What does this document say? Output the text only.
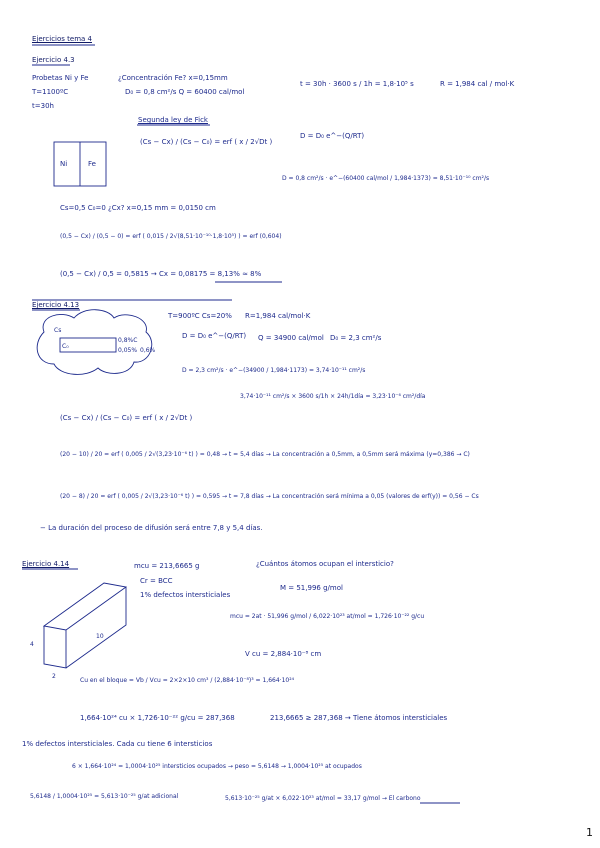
Ejercicios tema 4
Ejercicio 4.3
Probetas Ni y Fe
T=1100ºC
t=30h
¿Concentración Fe? x=0,15mm
D₀ = 0,8 cm²/s Q = 60400 cal/mol
t = 30h · 3600 s / 1h = 1,8·10⁵ s	R = 1,984 cal / mol·K
Segunda ley de Fick
(Cs − Cx) / (Cs − C₀) = erf ( x / 2√Dt )
Ni	Fe
D = D₀ e^−(Q/RT)
D = 0,8 cm²/s · e^−(60400 cal/mol / 1,984·1373) = 8,51·10⁻¹⁰ cm²/s
Cs=0,5 C₀=0 ¿Cx? x=0,15 mm = 0,0150 cm
(0,5 − Cx) / (0,5 − 0) = erf ( 0,015 / 2√(8,51·10⁻¹⁰·1,8·10⁵) ) = erf (0,604)
(0,5 − Cx) / 0,5 = 0,5815 → Cx = 0,08175 = 8,13% ≈ 8%
Ejercicio 4.13
T=900ºC Cs=20% R=1,984 cal/mol·K
Cs
C₀
0,8%C
0,05% 0,6%
D = D₀ e^−(Q/RT) Q = 34900 cal/mol D₀ = 2,3 cm²/s
D = 2,3 cm²/s · e^−(34900 / 1,984·1173) = 3,74·10⁻¹¹ cm²/s
3,74·10⁻¹¹ cm²/s × 3600 s/1h × 24h/1día = 3,23·10⁻⁶ cm²/día
(Cs − Cx) / (Cs − C₀) = erf ( x / 2√Dt )
(20 − 10) / 20 = erf ( 0,005 / 2√(3,23·10⁻⁶ t) ) = 0,48 → t = 5,4 días → La concentración a 0,5mm, a 0,5mm será máxima (y=0,386 → C)
(20 − 8) / 20 = erf ( 0,005 / 2√(3,23·10⁻⁶ t) ) = 0,595 → t = 7,8 días → La concentración será mínima a 0,05 (valores de erf(y)) = 0,56 − Cs
− La duración del proceso de difusión será entre 7,8 y 5,4 días.
Ejercicio 4.14	mcu = 213,6665 g
Cr = BCC
1% defectos intersticiales
¿Cuántos átomos ocupan el intersticio?
4
2
10
M = 51,996 g/mol
mcu = 2at · 51,996 g/mol / 6,022·10²³ at/mol = 1,726·10⁻²² g/cu
V cu = 2,884·10⁻⁸ cm
Cu en el bloque = Vb / Vcu = 2×2×10 cm³ / (2,884·10⁻⁸)³ = 1,664·10²⁴
1,664·10²⁴ cu × 1,726·10⁻²² g/cu = 287,368	213,6665 ≥ 287,368 → Tiene átomos intersticiales
1% defectos intersticiales. Cada cu tiene 6 intersticios
6 × 1,664·10²⁴ = 1,0004·10²⁵ intersticios ocupados → peso = 5,6148 → 1,0004·10²⁵ at ocupados
5,6148 / 1,0004·10²⁵ = 5,613·10⁻²⁵ g/at adicional	5,613·10⁻²⁵ g/at × 6,022·10²³ at/mol = 33,17 g/mol → El carbono
1
